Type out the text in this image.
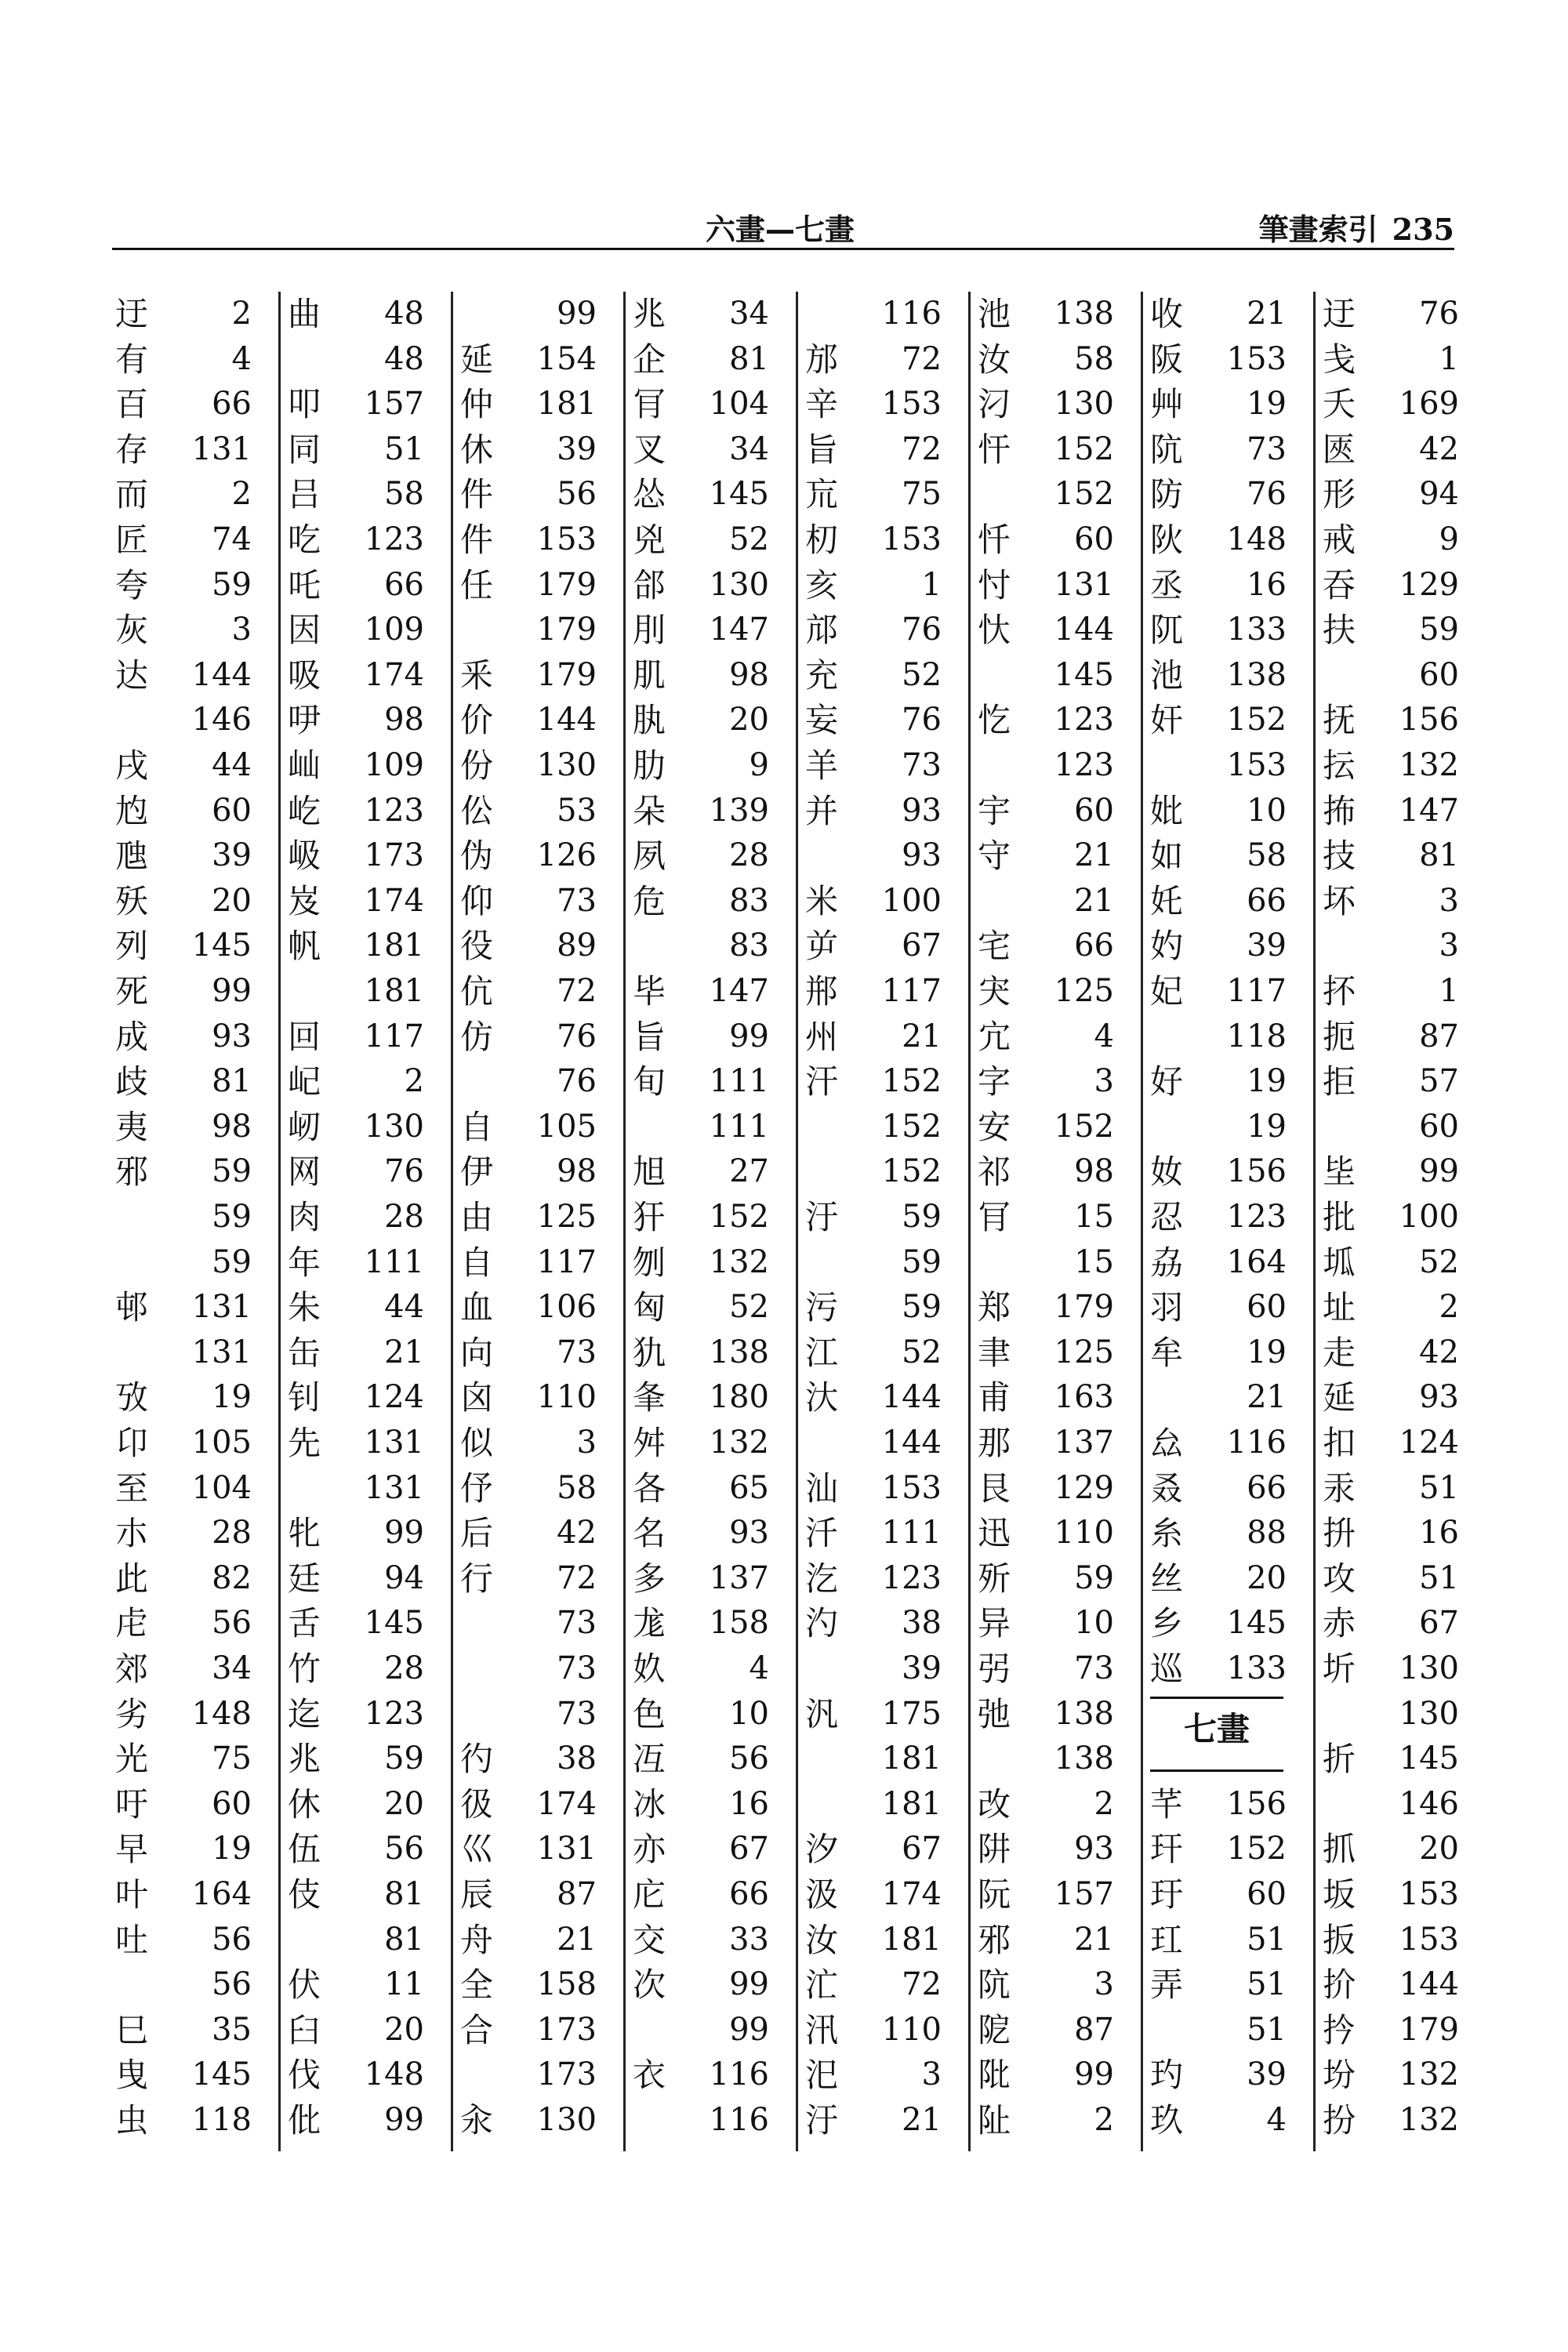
六畫—七畫	筆畫索引 235
迂	2
有	4
百 66
存 131
而	2
匠 74
夸 59
灰	3
达 144
146
戌 44
尥 60
虺 39
殀 20
列 145
死 99
成 93
歧 81
夷 98
邪 59
59
59
邨 131
131
攷 19
卬 105
至 104
朩 28
此 82
虍 56
郊 34
劣 148
光 75
吁 60
早 19
叶 164
吐 56
56
巳 35
曳 145
虫 118
曲 48
48
叩 157
同 51
吕 58
吃 123
吒 66
因 109
吸 174
吚 98
屾 109
屹 123
岋 173
岌 174
帆 181
181
回 117
屺	2
屻 130
网 76
肉 28
年 111
朱 44
缶 21
钊 124
先 131
131
牝 99
廷 94
舌 145
竹 28
迄 123
兆 59
休 20
伍 56
伎 81
81
伏 11
臼 20
伐 148
仳 99
99
延 154
仲 181
休 39
件 56
件 153
任 179
179
釆 179
价 144
份 130
伀 53
伪 126
仰 73
役 89
伉 72
仿 76
76
自 105
伊 98
由 125
自 117
血 106
向 73
囟 110
似	3
伃 58
后 42
行 72
73
73
73
彴 38
彶 174
巛 131
辰 87
舟 21
全 158
合 173
173
汆 130
兆 34
企 81
肎 104
叉 34
怂 145
兇 52
郃 130
刖 147
肌 98
肒 20
肋	9
朵 139
夙 28
危 83
83
毕 147
旨 99
旬 111
111
旭 27
犴 152
刎 132
匈 52
犰 138
夆 180
舛 132
各 65
名 93
多 137
尨 158
奺	4
色 10
冱 56
冰 16
亦 67
庀 66
交 33
次 99
99
衣 116
116
116
邡 72
辛 153
旨 72
巟 75
朷 153
亥	1
邟 76
充 52
妄 76
羊 73
并 93
93
米 100
屰 67
郱 117
州 21
汗 152
152
152
汙 59
59
污 59
江 52
汏 144
144
汕 153
汘 111
汔 123
汋 38
39
汎 175
181
181
汐 67
汲 174
汝 181
汒 72
汛 110
汜	3
汙 21
池 138
汝 58
汈 130
忓 152
152
忏 60
忖 131
忕 144
145
忔 123
123
宇 60
守 21
21
宅 66
宊 125
宂	4
字	3
安 152
祁 98
肎 15
15
郑 179
聿 125
甫 163
那 137
艮 129
迅 110
歽 59
异 10
弜 73
弛 138
138
改	2
阱 93
阮 157
邪 21
阬	3
阸 87
阰 99
阯	2
收 21
阪 153
艸 19
阬 73
防 76
阦 148
丞 16
阢 133
池 138
奸 152
153
妣 10
如 58
奼 66
妁 39
妃 117
118
好 19
19
奻 156
忍 123
劦 164
羽 60
牟 19
21
厽 116
叒 66
糸 88
丝 20
乡 145
巡 133
七畫
芊 156
玕 152
玗 60
玒 51
弄 51
51
玓 39
玖	4
迂 76
戋	1
夭 169
匧 42
形 94
戒	9
吞 129
扶 59
60
抚 156
抎 132
抪 147
技 81
坏	3
3
抔	1
扼 87
拒 57
60
坒 99
批 100
坬 52
址	2
走 42
延 93
扣 124
汞 51
抍 16
攻 51
赤 67
圻 130
130
折 145
146
抓 20
坂 153
扳 153
扴 144
扲 179
坋 132
扮 132
